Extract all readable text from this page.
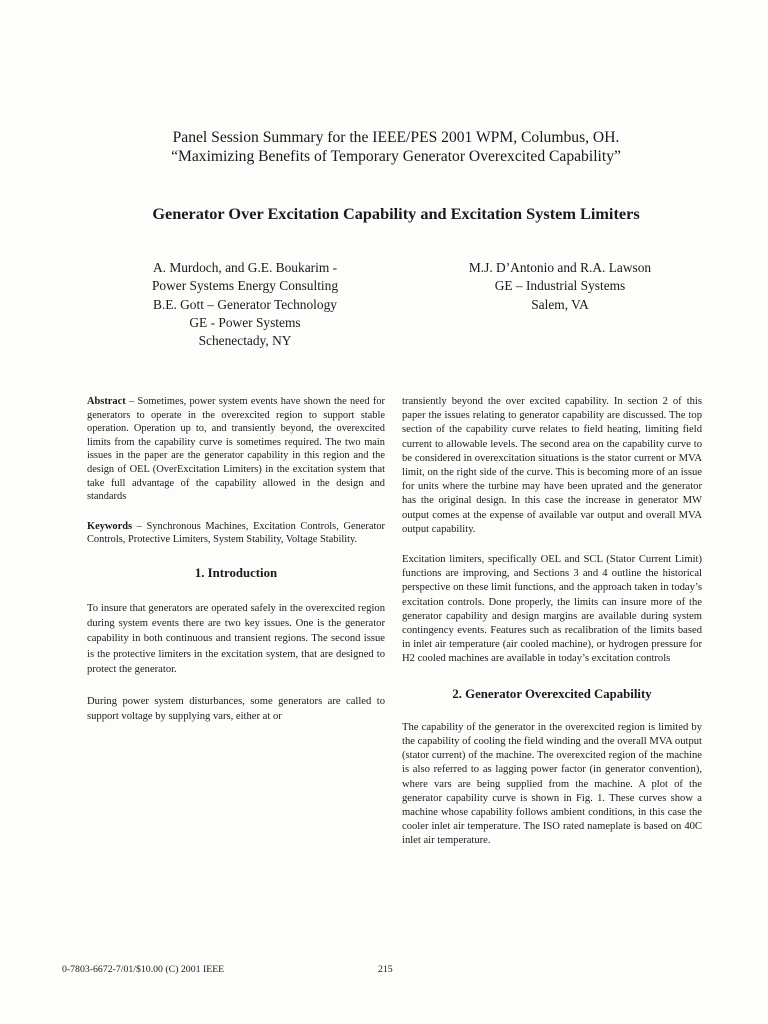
Panel Session Summary for the IEEE/PES 2001 WPM, Columbus, OH.

“Maximizing Benefits of Temporary Generator Overexcited Capability”

Generator Over Excitation Capability and Excitation System Limiters
A. Murdoch, and G.E. Boukarim -
Power Systems Energy Consulting
B.E. Gott – Generator Technology
GE - Power Systems
Schenectady, NY
M.J. D’Antonio and R.A. Lawson
GE – Industrial Systems
Salem, VA

Abstract – Sometimes, power system events have shown the need for generators to operate in the overexcited region to support stable operation. Operation up to, and transiently beyond, the overexcited limits from the capability curve is sometimes required. The two main issues in the paper are the generator capability in this region and the design of OEL (OverExcitation Limiters) in the excitation system that take full advantage of the capability allowed in the design and standards

Keywords – Synchronous Machines, Excitation Controls, Generator Controls, Protective Limiters, System Stability, Voltage Stability.

1. Introduction

To insure that generators are operated safely in the overexcited region during system events there are two key issues. One is the generator capability in both continuous and transient regions. The second issue is the protective limiters in the excitation system, that are designed to protect the generator.

During power system disturbances, some generators are called to support voltage by supplying vars, either at or

transiently beyond the over excited capability. In section 2 of this paper the issues relating to generator capability are discussed. The top section of the capability curve relates to field heating, limiting field current to allowable levels. The second area on the capability curve to be considered in overexcitation situations is the stator current or MVA limit, on the right side of the curve. This is becoming more of an issue for units where the turbine may have been uprated and the generator has the original design. In this case the increase in generator MW output comes at the expense of available var output and overall MVA output capability.

Excitation limiters, specifically OEL and SCL (Stator Current Limit) functions are improving, and Sections 3 and 4 outline the historical perspective on these limit functions, and the approach taken in today’s excitation controls. Done properly, the limits can insure more of the generator capability and design margins are available during system contingency events. Features such as recalibration of the limits based in inlet air temperature (air cooled machine), or hydrogen pressure for H2 cooled machines are available in today’s excitation controls

2. Generator Overexcited Capability

The capability of the generator in the overexcited region is limited by the capability of cooling the field winding and the overall MVA output (stator current) of the machine. The overexcited region of the machine is also referred to as lagging power factor (in generator convention), where vars are being supplied from the machine. A plot of the generator capability curve is shown in Fig. 1. These curves show a machine whose capability follows ambient conditions, in this case the cooler inlet air temperature. The ISO rated nameplate is based on 40C inlet air temperature.

0-7803-6672-7/01/$10.00 (C) 2001 IEEE	215
